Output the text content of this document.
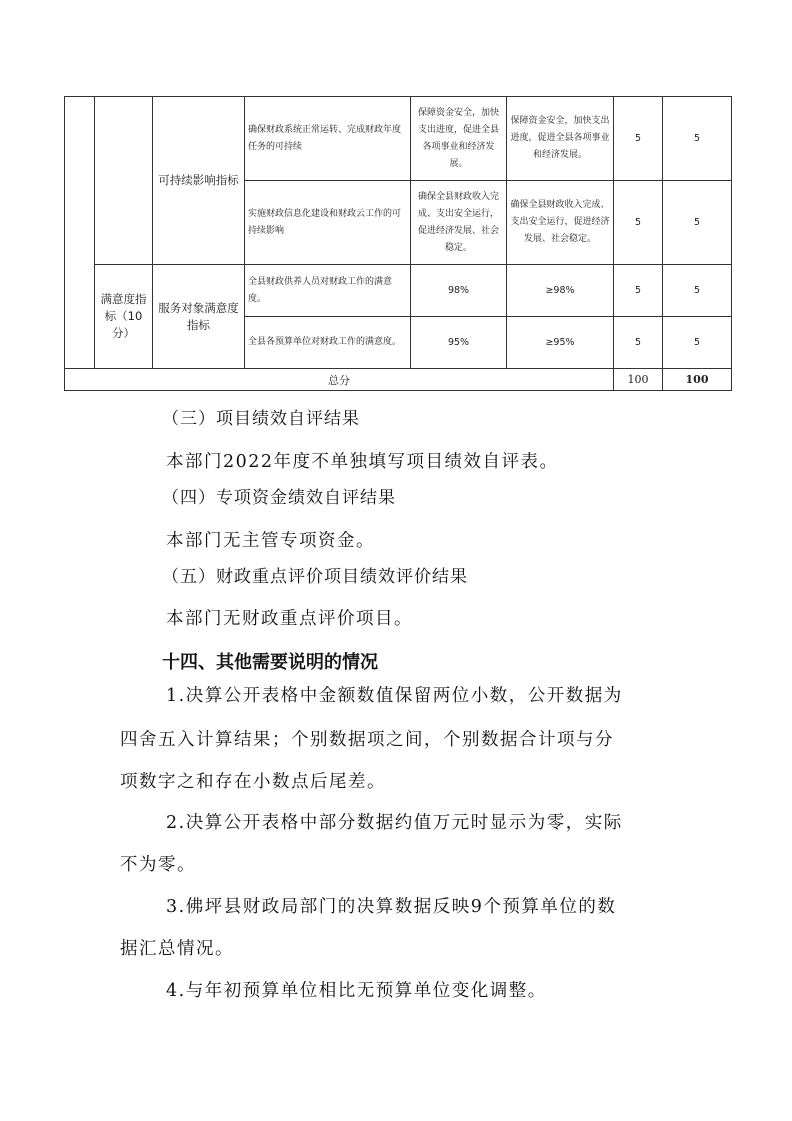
		可持续影响指标	确保财政系统正常运转、完成财政年度任务的可持续	保障资金安全，加快支出进度，促进全县各项事业和经济发展。	保障资金安全，加快支出进度，促进全县各项事业和经济发展。	5	5
			实施财政信息化建设和财政云工作的可持续影响	确保全县财政收入完成、支出安全运行，促进经济发展、社会稳定。	确保全县财政收入完成、支出安全运行，促进经济发展、社会稳定。	5	5
	满意度指标（10分）	服务对象满意度指标	全县财政供养人员对财政工作的满意度。	98%	≥98%	5	5
			全县各预算单位对财政工作的满意度。	95%	≥95%	5	5
总分						100	100
（三）项目绩效自评结果
本部门2022年度不单独填写项目绩效自评表。
（四）专项资金绩效自评结果
本部门无主管专项资金。
（五）财政重点评价项目绩效评价结果
本部门无财政重点评价项目。
十四、其他需要说明的情况
1.决算公开表格中金额数值保留两位小数，公开数据为
四舍五入计算结果；个别数据项之间，个别数据合计项与分
项数字之和存在小数点后尾差。
2.决算公开表格中部分数据约值万元时显示为零，实际
不为零。
3.佛坪县财政局部门的决算数据反映9个预算单位的数
据汇总情况。
4.与年初预算单位相比无预算单位变化调整。
